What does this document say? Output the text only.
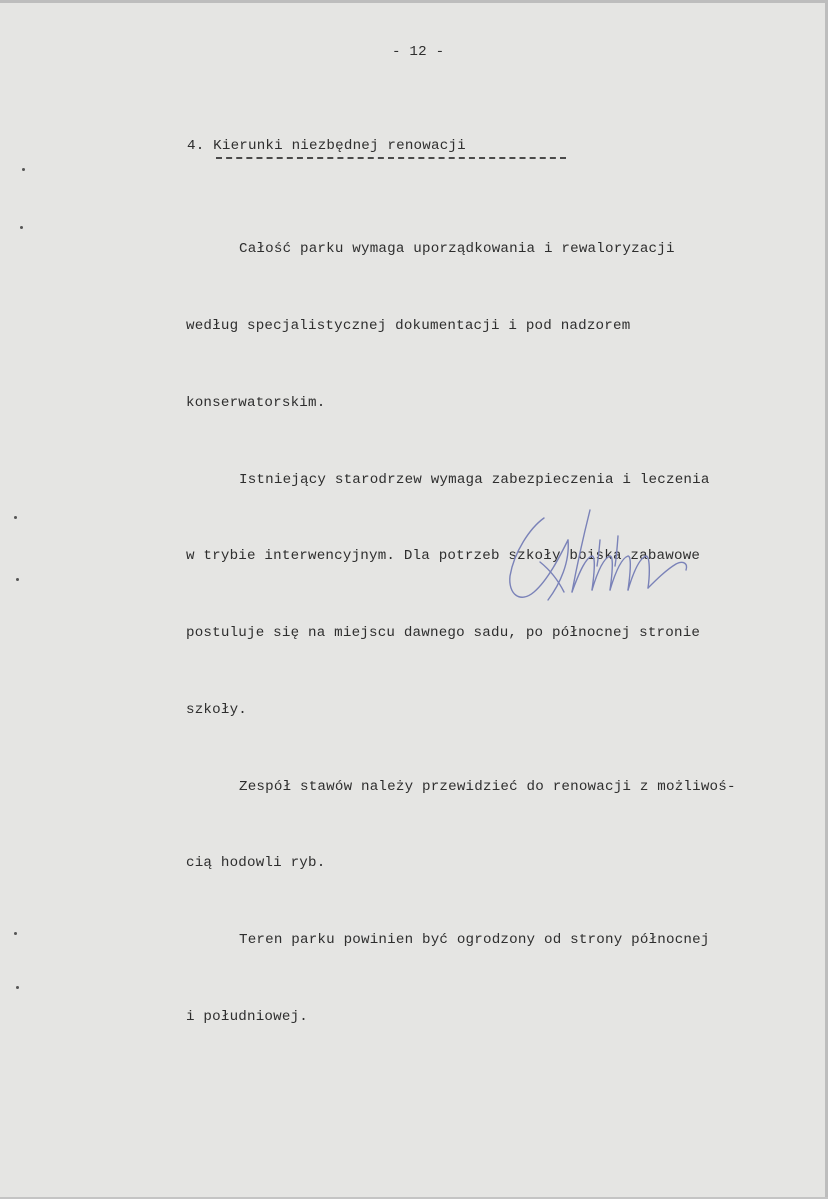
- 12 -
4. Kierunki niezbędnej renowacji

Całość parku wymaga uporządkowania i rewaloryzacji

według specjalistycznej dokumentacji i pod nadzorem

konserwatorskim.

Istniejący starodrzew wymaga zabezpieczenia i leczenia

w trybie interwencyjnym. Dla potrzeb szkoły boiska zabawowe

postuluje się na miejscu dawnego sadu, po północnej stronie

szkoły.

Zespół stawów należy przewidzieć do renowacji z możliwoś-

cią hodowli ryb.

Teren parku powinien być ogrodzony od strony północnej

i południowej.
